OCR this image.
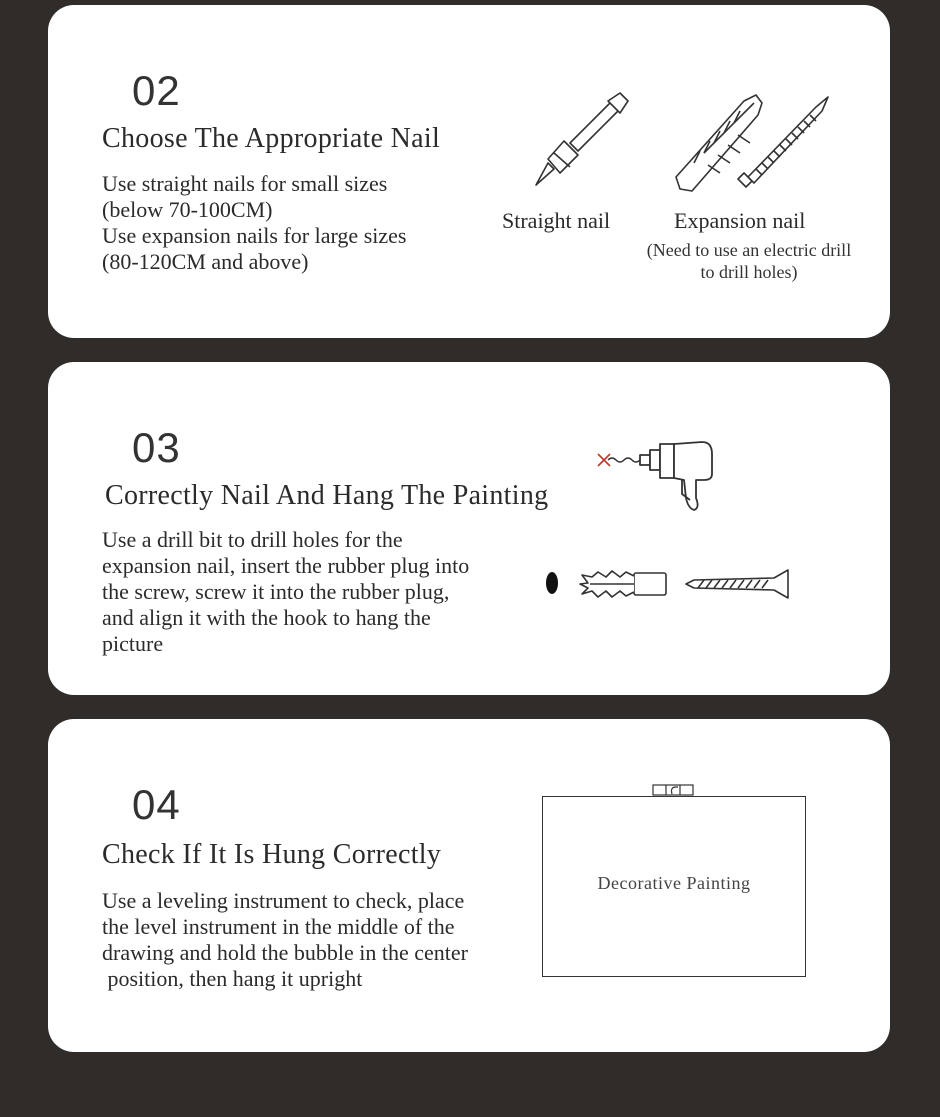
02
Choose The Appropriate Nail
Use straight nails for small sizes
(below 70-100CM)
Use expansion nails for large sizes
(80-120CM and above)
Straight nail	Expansion nail
(Need to use an electric drill
to drill holes)
03
Correctly Nail And Hang The Painting
Use a drill bit to drill holes for the
expansion nail, insert the rubber plug into
the screw, screw it into the rubber plug,
and align it with the hook to hang the
picture
04
Check If It Is Hung Correctly
Use a leveling instrument to check, place
the level instrument in the middle of the
drawing and hold the bubble in the center
position, then hang it upright
Decorative Painting
